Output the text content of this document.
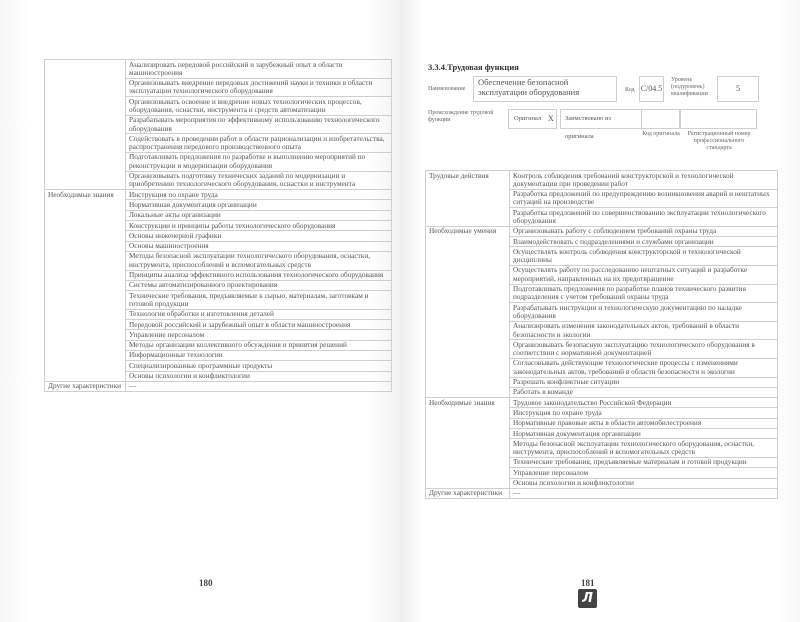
	Анализировать передовой российский и зарубежный опыт в области машиностроения
	Организовывать внедрение передовых достижений науки и техники в области эксплуатации технологического оборудования
	Организовывать освоение и внедрение новых технологических процессов, оборудования, оснастки, инструмента и средств автоматизации
	Разрабатывать мероприятия по эффективному использованию технологического оборудования
	Содействовать в проведении работ в области рационализации и изобретательства, распространения передового производственного опыта
	Подготавливать предложения по разработке и выполнению мероприятий по реконструкции и модернизации оборудования
	Организовывать подготовку технических заданий по модернизации и приобретению технологического оборудования, оснастки и инструмента
Необходимые знания	Инструкция по охране труда
	Нормативная документация организации
	Локальные акты организации
	Конструкции и принципы работы технологического оборудования
	Основы инженерной графики
	Основы машиностроения
	Методы безопасной эксплуатации технологического оборудования, оснастки, инструмента, приспособлений и вспомогательных средств
	Принципы анализа эффективного использования технологического оборудования
	Системы автоматизированного проектирования
	Технические требования, предъявляемые к сырью, материалам, заготовкам и готовой продукции
	Технология обработки и изготовления деталей
	Передовой российский и зарубежный опыт в области машиностроения
	Управление персоналом
	Методы организации коллективного обсуждения и принятия решений
	Информационные технологии
	Специализированные программные продукты
	Основы психологии и конфликтологии
Другие характеристики	—
180
3.3.4.Трудовая функция
Наименование
Обеспечение безопасной эксплуатации оборудования	Код C/04.5
Уровень (подуровень) квалификации
5
Происхождение трудовой функции	Оригинал X	Заимствовано из оригинала	Код оригинала	Регистрационный номер профессионального стандарта
Трудовые действия	Контроль соблюдения требований конструкторской и технологической документации при проведении работ
	Разработка предложений по предупреждению возникновения аварий и нештатных ситуаций на производстве
	Разработка предложений по совершенствованию эксплуатации технологического оборудования
Необходимые умения	Организовывать работу с соблюдением требований охраны труда
	Взаимодействовать с подразделениями и службами организации
	Осуществлять контроль соблюдения конструкторской и технологической дисциплины
	Осуществлять работу по расследованию нештатных ситуаций и разработке мероприятий, направленных на их предотвращение
	Подготавливать предложения по разработке планов технического развития подразделения с учетом требований охраны труда
	Разрабатывать инструкции и технологическую документацию по наладке оборудования
	Анализировать изменения законодательных актов, требований в области безопасности и экологии
	Организовывать безопасную эксплуатацию технологического оборудования в соответствии с нормативной документацией
	Согласовывать действующие технологические процессы с изменениями законодательных актов, требований в области безопасности и экологии
	Разрешать конфликтные ситуации
	Работать в команде
Необходимые знания	Трудовое законодательство Российской Федерации
	Инструкция по охране труда
	Нормативные правовые акты в области автомобилестроения
	Нормативная документация организации
	Методы безопасной эксплуатации технологического оборудования, оснастки, инструмента, приспособлений и вспомогательных средств
	Технические требования, предъявляемые материалам и готовой продукции
	Управление персоналом
	Основы психологии и конфликтологии
Другие характеристики	—
181
Л
